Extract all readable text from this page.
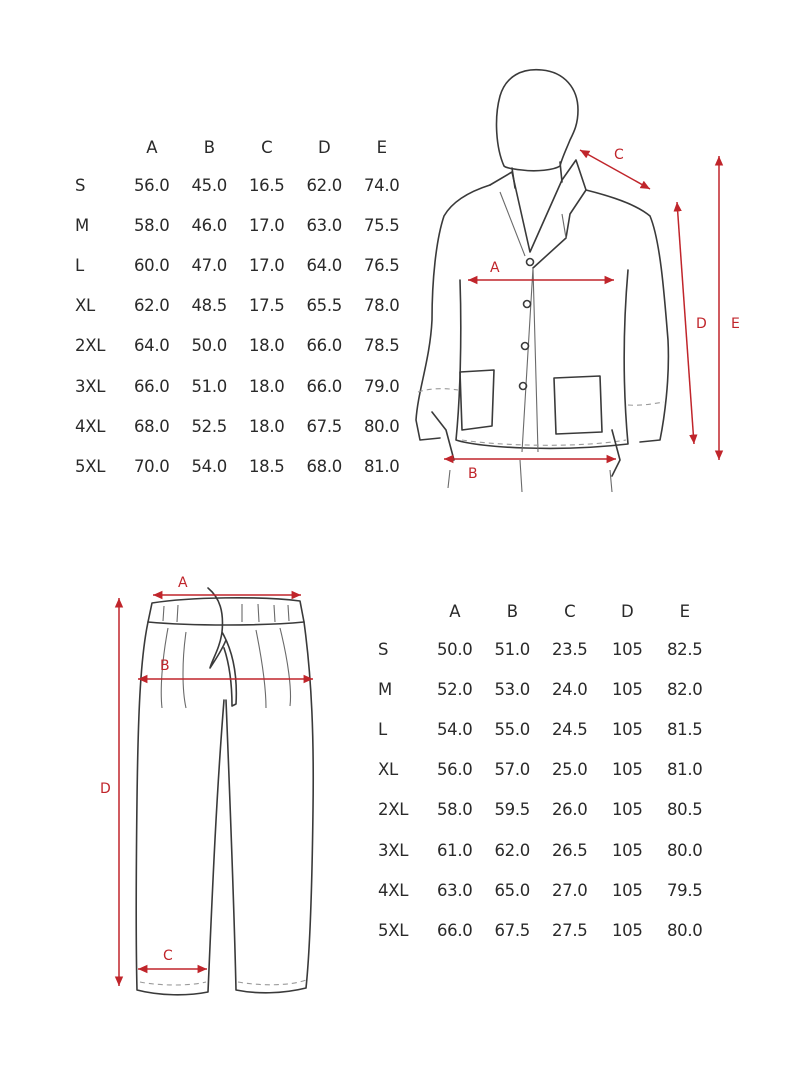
	A	B	C	D	E
S	56.0	45.0	16.5	62.0	74.0
M	58.0	46.0	17.0	63.0	75.5
L	60.0	47.0	17.0	64.0	76.5
XL	62.0	48.5	17.5	65.5	78.0
2XL	64.0	50.0	18.0	66.0	78.5
3XL	66.0	51.0	18.0	66.0	79.0
4XL	68.0	52.5	18.0	67.5	80.0
5XL	70.0	54.0	18.5	68.0	81.0
	A	B	C	D	E
S	50.0	51.0	23.5	105	82.5
M	52.0	53.0	24.0	105	82.0
L	54.0	55.0	24.5	105	81.5
XL	56.0	57.0	25.0	105	81.0
2XL	58.0	59.5	26.0	105	80.5
3XL	61.0	62.0	26.5	105	80.0
4XL	63.0	65.0	27.0	105	79.5
5XL	66.0	67.5	27.5	105	80.0
A
B
C
D E
A
B
C
D
